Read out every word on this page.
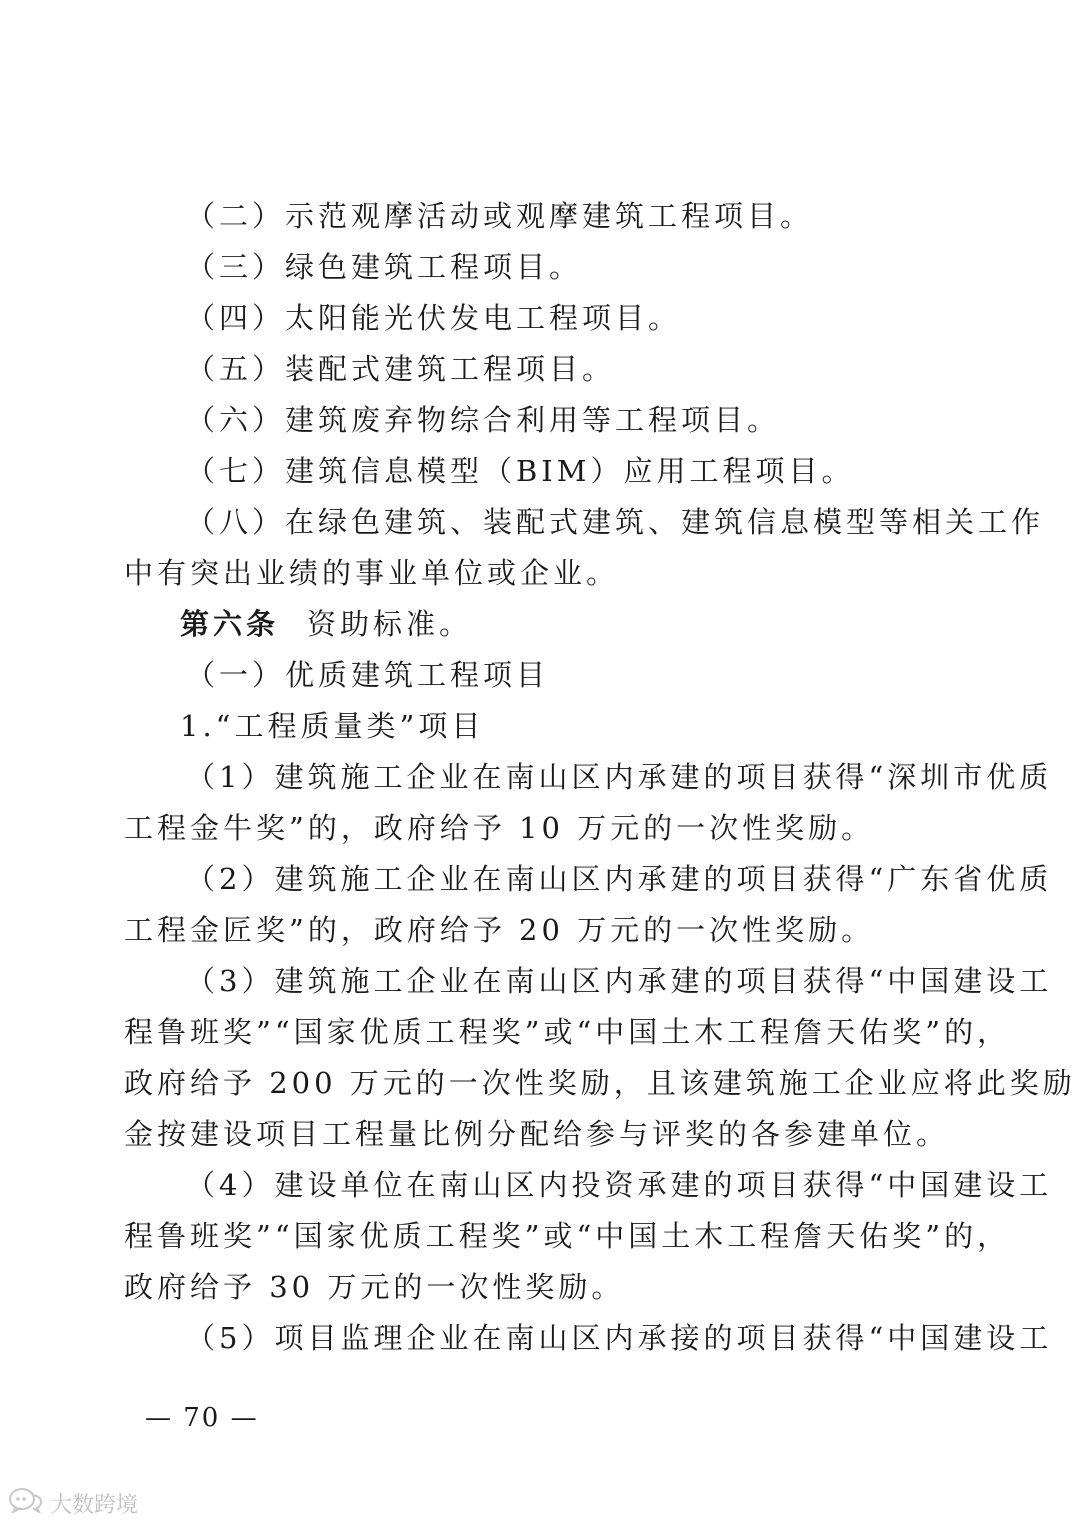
（二）示范观摩活动或观摩建筑工程项目。
（三）绿色建筑工程项目。
（四）太阳能光伏发电工程项目。
（五）装配式建筑工程项目。
（六）建筑废弃物综合利用等工程项目。
（七）建筑信息模型（BIM）应用工程项目。
（八）在绿色建筑、装配式建筑、建筑信息模型等相关工作
中有突出业绩的事业单位或企业。
第六条 资助标准。
（一）优质建筑工程项目
1.“工程质量类”项目
（1）建筑施工企业在南山区内承建的项目获得“深圳市优质
工程金牛奖”的，政府给予 10 万元的一次性奖励。
（2）建筑施工企业在南山区内承建的项目获得“广东省优质
工程金匠奖”的，政府给予 20 万元的一次性奖励。
（3）建筑施工企业在南山区内承建的项目获得“中国建设工
程鲁班奖”“国家优质工程奖”或“中国土木工程詹天佑奖”的，
政府给予 200 万元的一次性奖励，且该建筑施工企业应将此奖励
金按建设项目工程量比例分配给参与评奖的各参建单位。
（4）建设单位在南山区内投资承建的项目获得“中国建设工
程鲁班奖”“国家优质工程奖”或“中国土木工程詹天佑奖”的，
政府给予 30 万元的一次性奖励。
（5）项目监理企业在南山区内承接的项目获得“中国建设工
— 70 —
大数跨境
